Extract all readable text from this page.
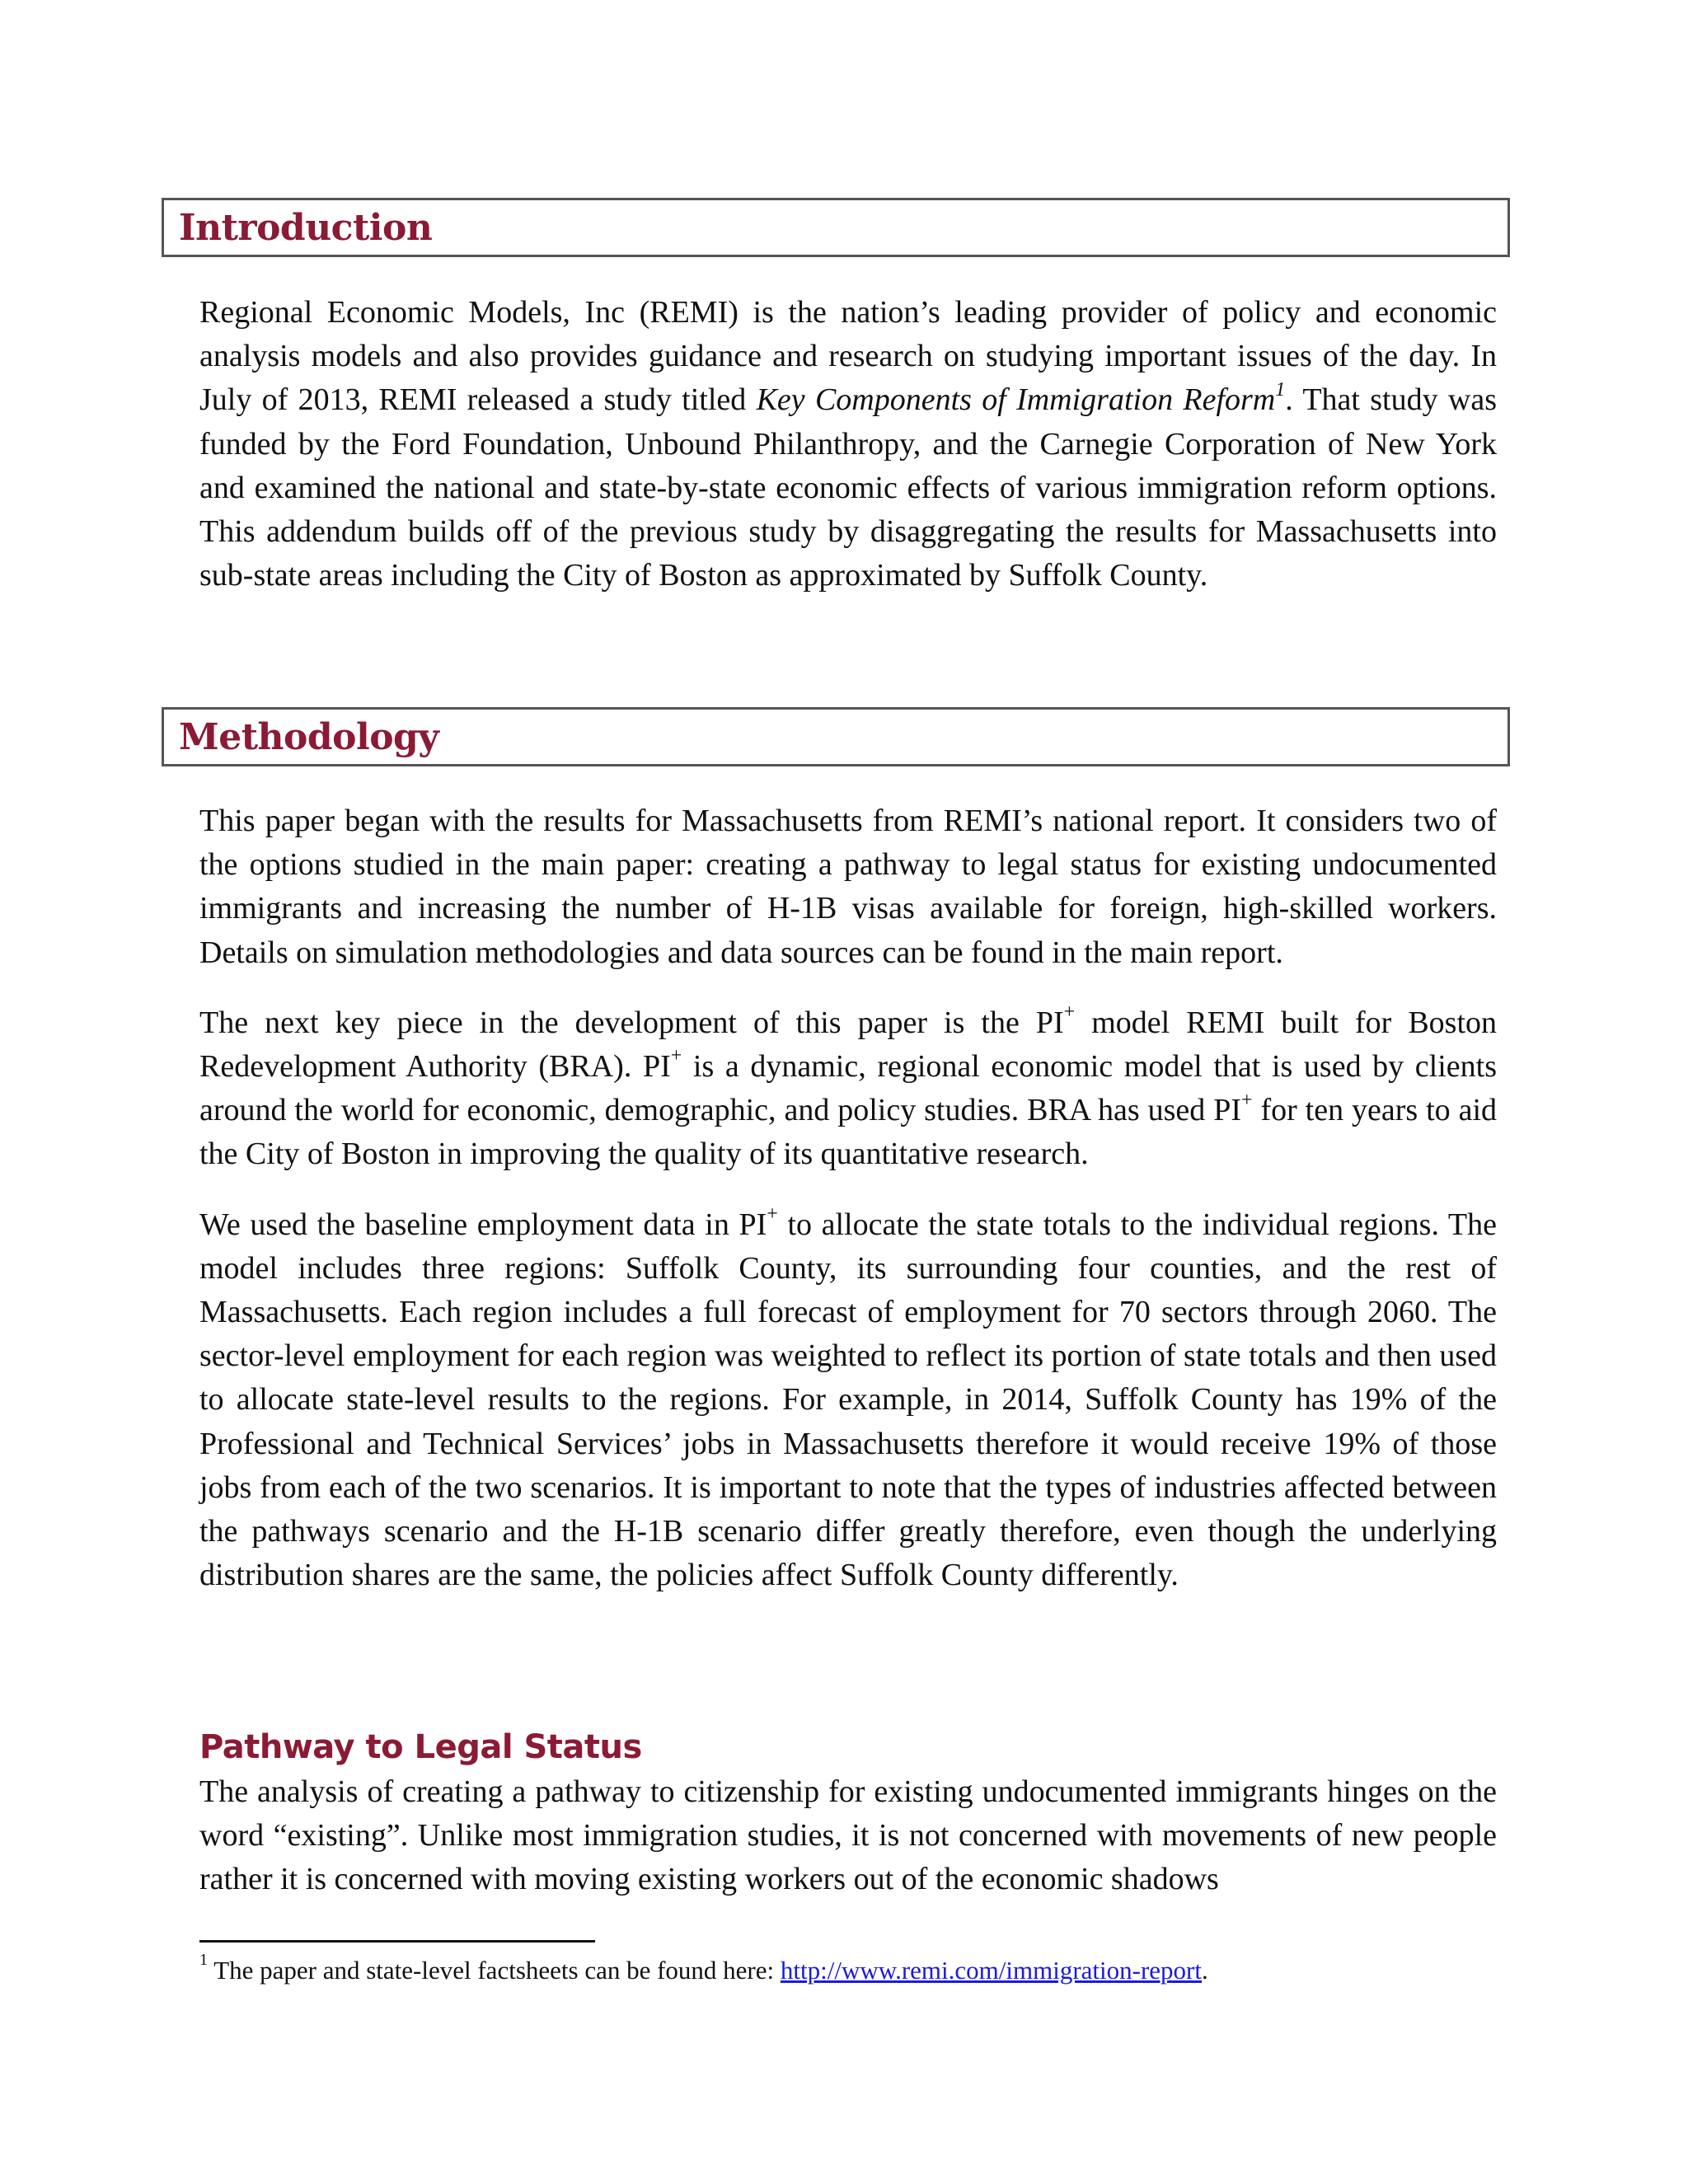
Introduction

Regional Economic Models, Inc (REMI) is the nation’s leading provider of policy and economic analysis models and also provides guidance and research on studying important issues of the day. In July of 2013, REMI released a study titled Key Components of Immigration Reform$^1$. That study was funded by the Ford Foundation, Unbound Philanthropy, and the Carnegie Corporation of New York and examined the national and state-by-state economic effects of various immigration reform options. This addendum builds off of the previous study by disaggregating the results for Massachusetts into sub-state areas including the City of Boston as approximated by Suffolk County.

Methodology

This paper began with the results for Massachusetts from REMI’s national report. It considers two of the options studied in the main paper: creating a pathway to legal status for existing undocumented immigrants and increasing the number of H-1B visas available for foreign, high-skilled workers. Details on simulation methodologies and data sources can be found in the main report.

The next key piece in the development of this paper is the PI+ model REMI built for Boston Redevelopment Authority (BRA). PI+ is a dynamic, regional economic model that is used by clients around the world for economic, demographic, and policy studies. BRA has used PI+ for ten years to aid the City of Boston in improving the quality of its quantitative research.

We used the baseline employment data in PI+ to allocate the state totals to the individual regions. The model includes three regions: Suffolk County, its surrounding four counties, and the rest of Massachusetts. Each region includes a full forecast of employment for 70 sectors through 2060. The sector-level employment for each region was weighted to reflect its portion of state totals and then used to allocate state-level results to the regions. For example, in 2014, Suffolk County has 19% of the Professional and Technical Services’ jobs in Massachusetts therefore it would receive 19% of those jobs from each of the two scenarios. It is important to note that the types of industries affected between the pathways scenario and the H-1B scenario differ greatly therefore, even though the underlying distribution shares are the same, the policies affect Suffolk County differently.

Pathway to Legal Status

The analysis of creating a pathway to citizenship for existing undocumented immigrants hinges on the word “existing”. Unlike most immigration studies, it is not concerned with movements of new people rather it is concerned with moving existing workers out of the economic shadows

$^1$ The paper and state-level factsheets can be found here: http://www.remi.com/immigration-report.
